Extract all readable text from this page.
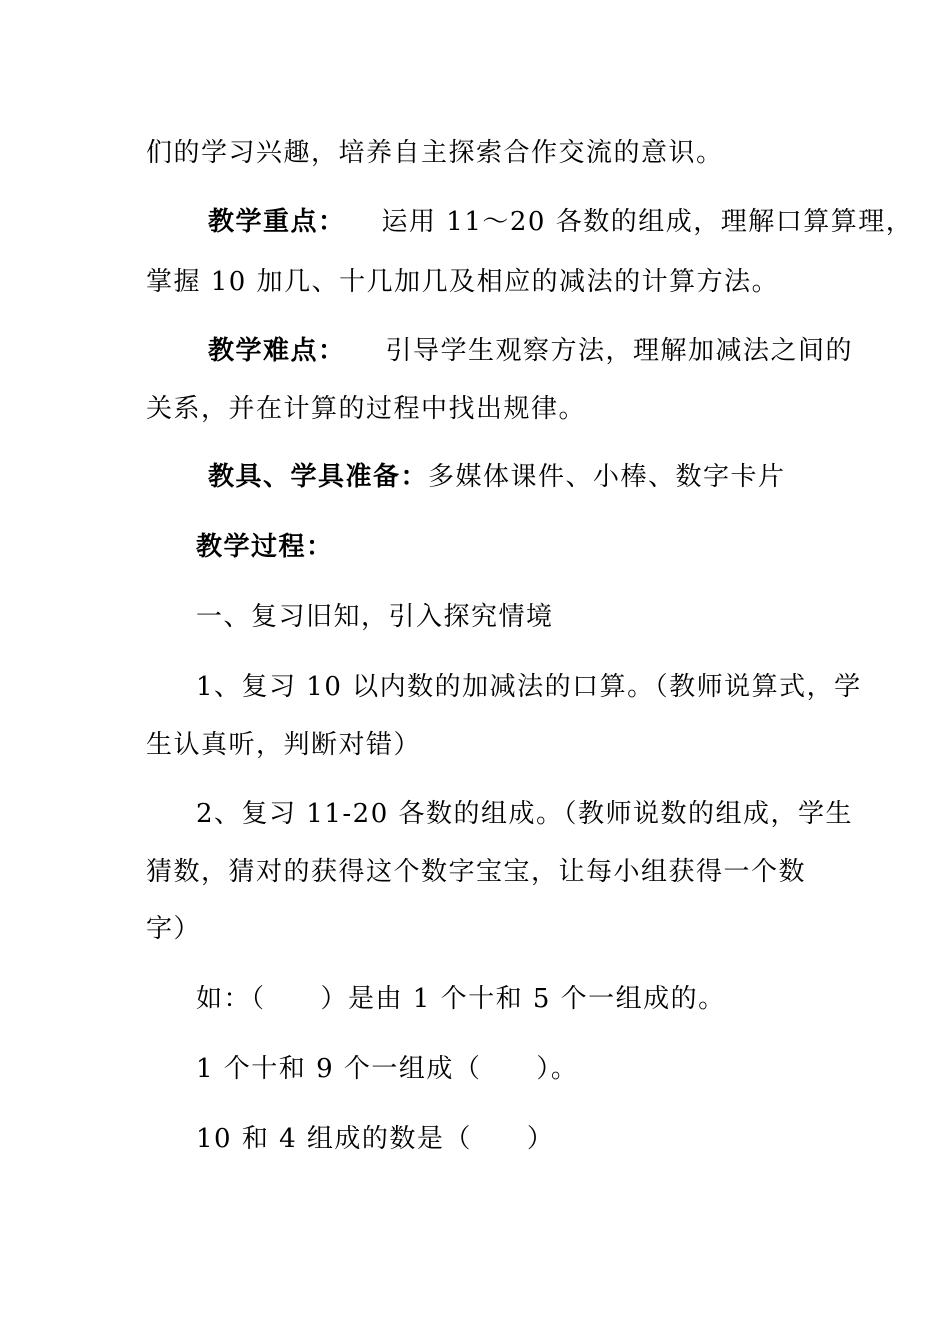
们的学习兴趣，培养自主探索合作交流的意识。
教学重点： 运用 11～20 各数的组成，理解口算算理，
掌握 10 加几、十几加几及相应的减法的计算方法。
教学难点： 引导学生观察方法，理解加减法之间的
关系，并在计算的过程中找出规律。
教具、学具准备：多媒体课件、小棒、数字卡片
教学过程：
一、复习旧知，引入探究情境
1、复习 10 以内数的加减法的口算。（教师说算式，学
生认真听，判断对错）
2、复习 11-20 各数的组成。（教师说数的组成，学生
猜数，猜对的获得这个数字宝宝，让每小组获得一个数
字）
如：（　　）是由 1 个十和 5 个一组成的。
1 个十和 9 个一组成（　　）。
10 和 4 组成的数是（　　）
